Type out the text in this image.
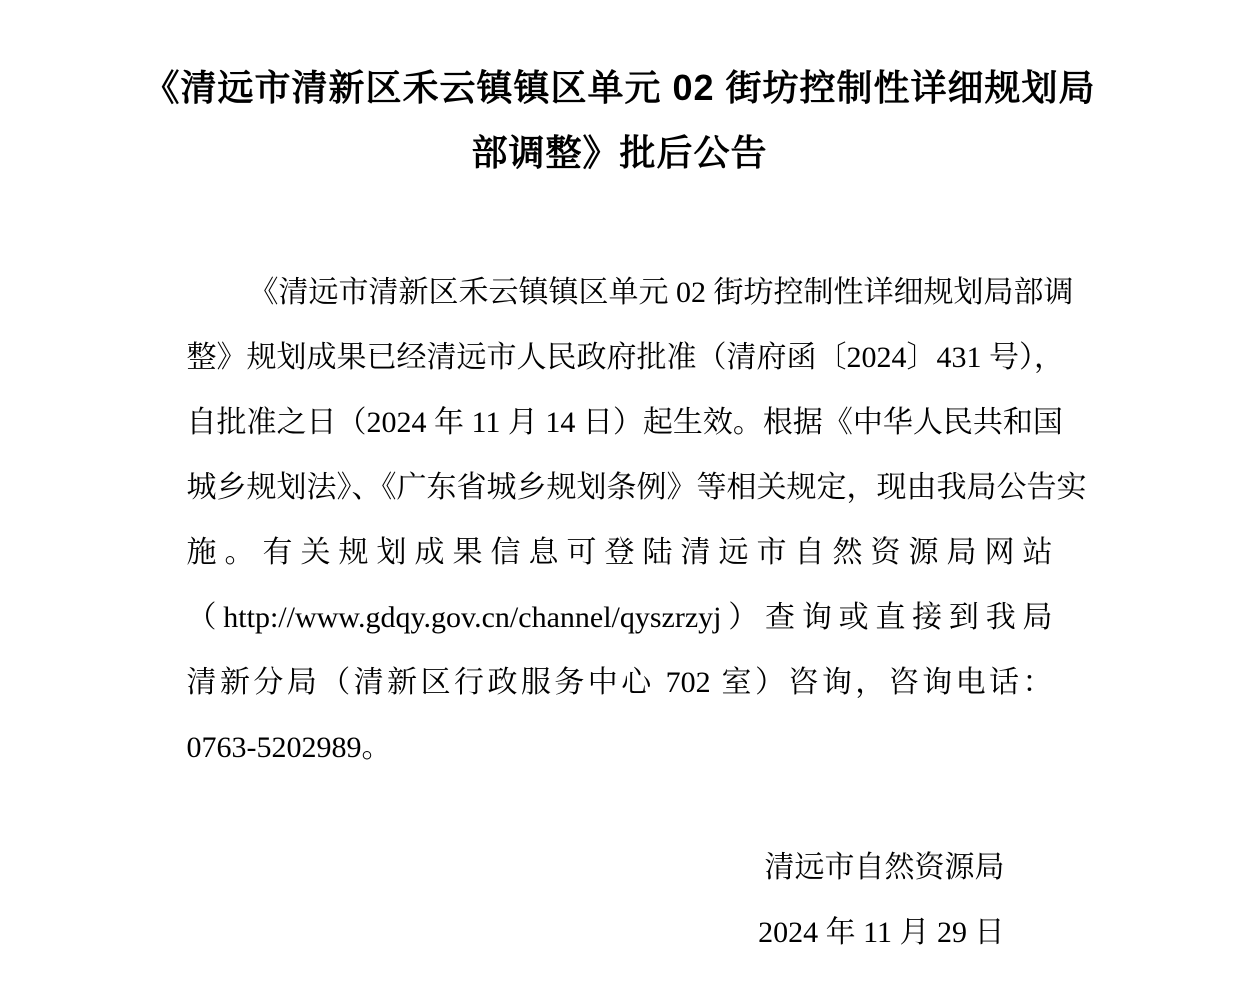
《清远市清新区禾云镇镇区单元 02 街坊控制性详细规划局
部调整》批后公告
《清远市清新区禾云镇镇区单元 02 街坊控制性详细规划局部调
整》规划成果已经清远市人民政府批准（清府函〔2024〕431 号），
自批准之日（2024 年 11 月 14 日）起生效。根据《中华人民共和国
城乡规划法》、《广东省城乡规划条例》等相关规定，现由我局公告实
施。有关规划成果信息可登陆清远市自然资源局网站
（http://www.gdqy.gov.cn/channel/qyszrzyj）查询或直接到我局
清新分局（清新区行政服务中心 702 室）咨询，咨询电话：
0763-5202989。
清远市自然资源局
2024 年 11 月 29 日
